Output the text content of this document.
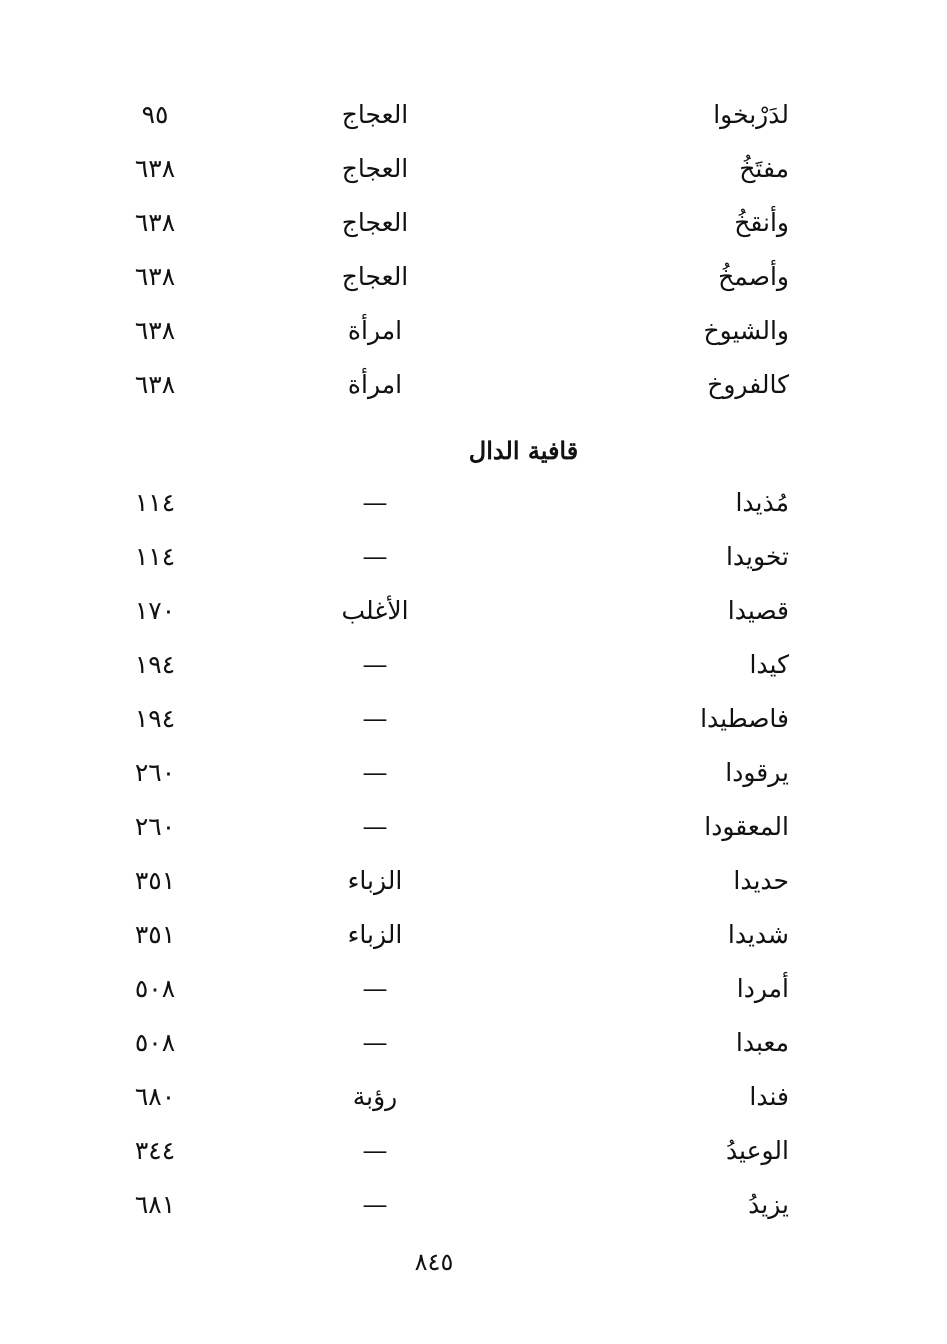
لدَرْبخوا
العجاج
٩٥
مفتَخُ
العجاج
٦٣٨
وأنقخُ
العجاج
٦٣٨
وأصمخُ
العجاج
٦٣٨
والشيوخ
امرأة
٦٣٨
كالفروخ
امرأة
٦٣٨
قافية الدال
مُذيدا
—
١١٤
تخويدا
—
١١٤
قصيدا
الأغلب
١٧٠
كيدا
—
١٩٤
فاصطيدا
—
١٩٤
يرقودا
—
٢٦٠
المعقودا
—
٢٦٠
حديدا
الزباء
٣٥١
شديدا
الزباء
٣٥١
أمردا
—
٥٠٨
معبدا
—
٥٠٨
فندا
رؤبة
٦٨٠
الوعيدُ
—
٣٤٤
يزيدُ
—
٦٨١
٨٤٥
